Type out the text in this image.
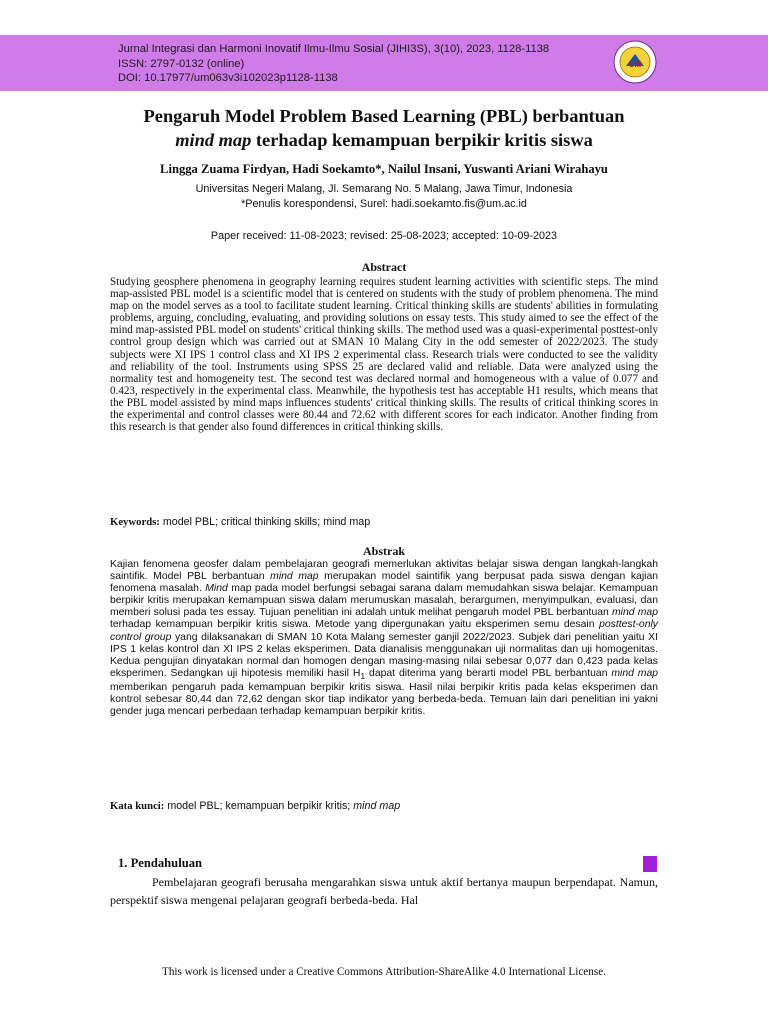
Jurnal Integrasi dan Harmoni Inovatif Ilmu-Ilmu Sosial (JIHI3S), 3(10), 2023, 1128-1138
ISSN: 2797-0132 (online)
DOI: 10.17977/um063v3i102023p1128-1138
UM
Pengaruh Model Problem Based Learning (PBL) berbantuan
mind map terhadap kemampuan berpikir kritis siswa
Lingga Zuama Firdyan, Hadi Soekamto*, Nailul Insani, Yuswanti Ariani Wirahayu
Universitas Negeri Malang, Jl. Semarang No. 5 Malang, Jawa Timur, Indonesia
*Penulis korespondensi, Surel: hadi.soekamto.fis@um.ac.id
Paper received: 11-08-2023; revised: 25-08-2023; accepted: 10-09-2023
Abstract
Studying geosphere phenomena in geography learning requires student learning activities with scientific steps. The mind map-assisted PBL model is a scientific model that is centered on students with the study of problem phenomena. The mind map on the model serves as a tool to facilitate student learning. Critical thinking skills are students' abilities in formulating problems, arguing, concluding, evaluating, and providing solutions on essay tests. This study aimed to see the effect of the mind map-assisted PBL model on students' critical thinking skills. The method used was a quasi-experimental posttest-only control group design which was carried out at SMAN 10 Malang City in the odd semester of 2022/2023. The study subjects were XI IPS 1 control class and XI IPS 2 experimental class. Research trials were conducted to see the validity and reliability of the tool. Instruments using SPSS 25 are declared valid and reliable. Data were analyzed using the normality test and homogeneity test. The second test was declared normal and homogeneous with a value of 0.077 and 0.423, respectively in the experimental class. Meanwhile, the hypothesis test has acceptable H1 results, which means that the PBL model assisted by mind maps influences students' critical thinking skills. The results of critical thinking scores in the experimental and control classes were 80.44 and 72.62 with different scores for each indicator. Another finding from this research is that gender also found differences in critical thinking skills.
Keywords: model PBL; critical thinking skills; mind map
Abstrak
Kajian fenomena geosfer dalam pembelajaran geografi memerlukan aktivitas belajar siswa dengan langkah-langkah saintifik. Model PBL berbantuan mind map merupakan model saintifik yang berpusat pada siswa dengan kajian fenomena masalah. Mind map pada model berfungsi sebagai sarana dalam memudahkan siswa belajar. Kemampuan berpikir kritis merupakan kemampuan siswa dalam merumuskan masalah, berargumen, menyimpulkan, evaluasi, dan memberi solusi pada tes essay. Tujuan penelitian ini adalah untuk melihat pengaruh model PBL berbantuan mind map terhadap kemampuan berpikir kritis siswa. Metode yang dipergunakan yaitu eksperimen semu desain posttest-only control group yang dilaksanakan di SMAN 10 Kota Malang semester ganjil 2022/2023. Subjek dari penelitian yaitu XI IPS 1 kelas kontrol dan XI IPS 2 kelas eksperimen. Data dianalisis menggunakan uji normalitas dan uji homogenitas. Kedua pengujian dinyatakan normal dan homogen dengan masing-masing nilai sebesar 0,077 dan 0,423 pada kelas eksperimen. Sedangkan uji hipotesis memiliki hasil $H_1$ dapat diterima yang berarti model PBL berbantuan mind map memberikan pengaruh pada kemampuan berpikir kritis siswa. Hasil nilai berpikir kritis pada kelas eksperimen dan kontrol sebesar 80,44 dan 72,62 dengan skor tiap indikator yang berbeda-beda. Temuan lain dari penelitian ini yakni gender juga mencari perbedaan terhadap kemampuan berpikir kritis.
Kata kunci: model PBL; kemampuan berpikir kritis; mind map
1. Pendahuluan
Pembelajaran geografi berusaha mengarahkan siswa untuk aktif bertanya maupun berpendapat. Namun, perspektif siswa mengenai pelajaran geografi berbeda-beda. Hal
This work is licensed under a Creative Commons Attribution-ShareAlike 4.0 International License.
